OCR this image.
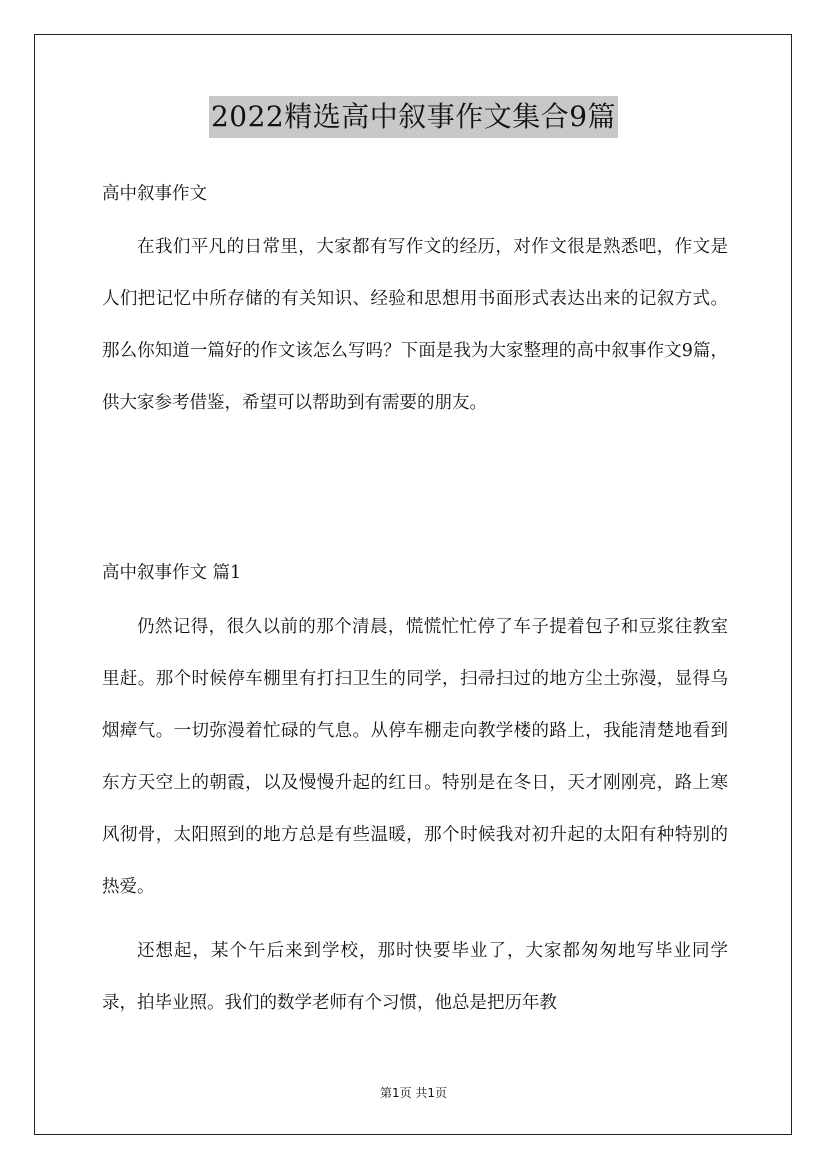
2022精选高中叙事作文集合9篇
高中叙事作文
在我们平凡的日常里，大家都有写作文的经历，对作文很是熟悉吧，作文是人们把记忆中所存储的有关知识、经验和思想用书面形式表达出来的记叙方式。那么你知道一篇好的作文该怎么写吗？下面是我为大家整理的高中叙事作文9篇，供大家参考借鉴，希望可以帮助到有需要的朋友。
高中叙事作文 篇1
仍然记得，很久以前的那个清晨，慌慌忙忙停了车子提着包子和豆浆往教室里赶。那个时候停车棚里有打扫卫生的同学，扫帚扫过的地方尘土弥漫，显得乌烟瘴气。一切弥漫着忙碌的气息。从停车棚走向教学楼的路上，我能清楚地看到东方天空上的朝霞，以及慢慢升起的红日。特别是在冬日，天才刚刚亮，路上寒风彻骨，太阳照到的地方总是有些温暖，那个时候我对初升起的太阳有种特别的热爱。
还想起，某个午后来到学校，那时快要毕业了，大家都匆匆地写毕业同学录，拍毕业照。我们的数学老师有个习惯，他总是把历年教
第1页 共1页
